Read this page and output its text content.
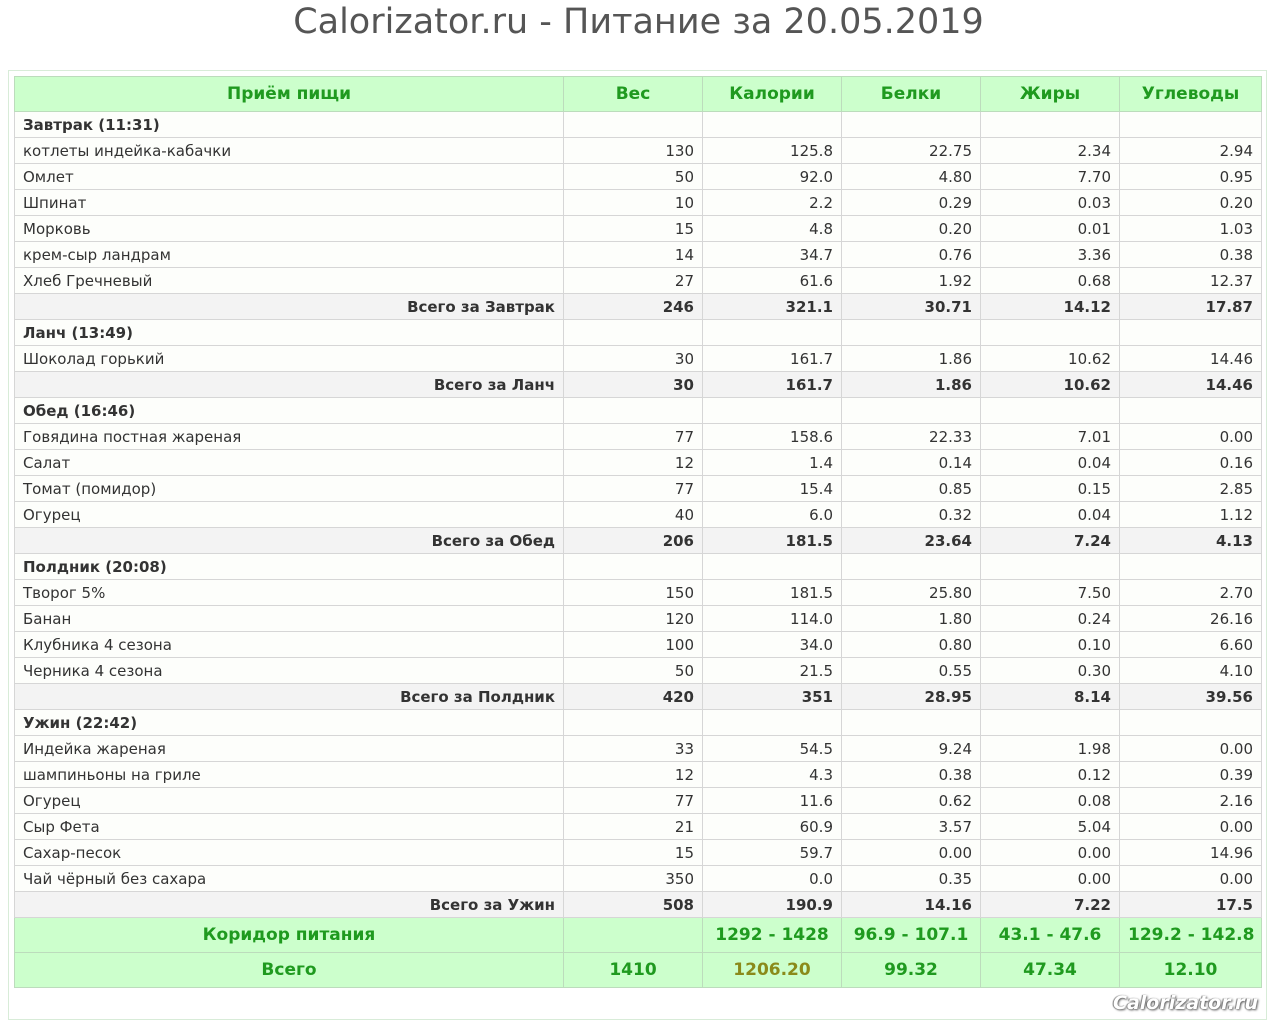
Calorizator.ru - Питание за 20.05.2019
Приём пищи	Вес	Калории	Белки	Жиры	Углеводы
Завтрак (11:31)					
котлеты индейка-кабачки	130	125.8	22.75	2.34	2.94
Омлет	50	92.0	4.80	7.70	0.95
Шпинат	10	2.2	0.29	0.03	0.20
Морковь	15	4.8	0.20	0.01	1.03
крем-сыр ландрам	14	34.7	0.76	3.36	0.38
Хлеб Гречневый	27	61.6	1.92	0.68	12.37
Всего за Завтрак	246	321.1	30.71	14.12	17.87
Ланч (13:49)					
Шоколад горький	30	161.7	1.86	10.62	14.46
Всего за Ланч	30	161.7	1.86	10.62	14.46
Обед (16:46)					
Говядина постная жареная	77	158.6	22.33	7.01	0.00
Салат	12	1.4	0.14	0.04	0.16
Томат (помидор)	77	15.4	0.85	0.15	2.85
Огурец	40	6.0	0.32	0.04	1.12
Всего за Обед	206	181.5	23.64	7.24	4.13
Полдник (20:08)					
Творог 5%	150	181.5	25.80	7.50	2.70
Банан	120	114.0	1.80	0.24	26.16
Клубника 4 сезона	100	34.0	0.80	0.10	6.60
Черника 4 сезона	50	21.5	0.55	0.30	4.10
Всего за Полдник	420	351	28.95	8.14	39.56
Ужин (22:42)					
Индейка жареная	33	54.5	9.24	1.98	0.00
шампиньоны на гриле	12	4.3	0.38	0.12	0.39
Огурец	77	11.6	0.62	0.08	2.16
Сыр Фета	21	60.9	3.57	5.04	0.00
Сахар-песок	15	59.7	0.00	0.00	14.96
Чай чёрный без сахара	350	0.0	0.35	0.00	0.00
Всего за Ужин	508	190.9	14.16	7.22	17.5
Коридор питания		1292 - 1428	96.9 - 107.1	43.1 - 47.6	129.2 - 142.8
Всего	1410	1206.20	99.32	47.34	12.10
Calorizator.ru
